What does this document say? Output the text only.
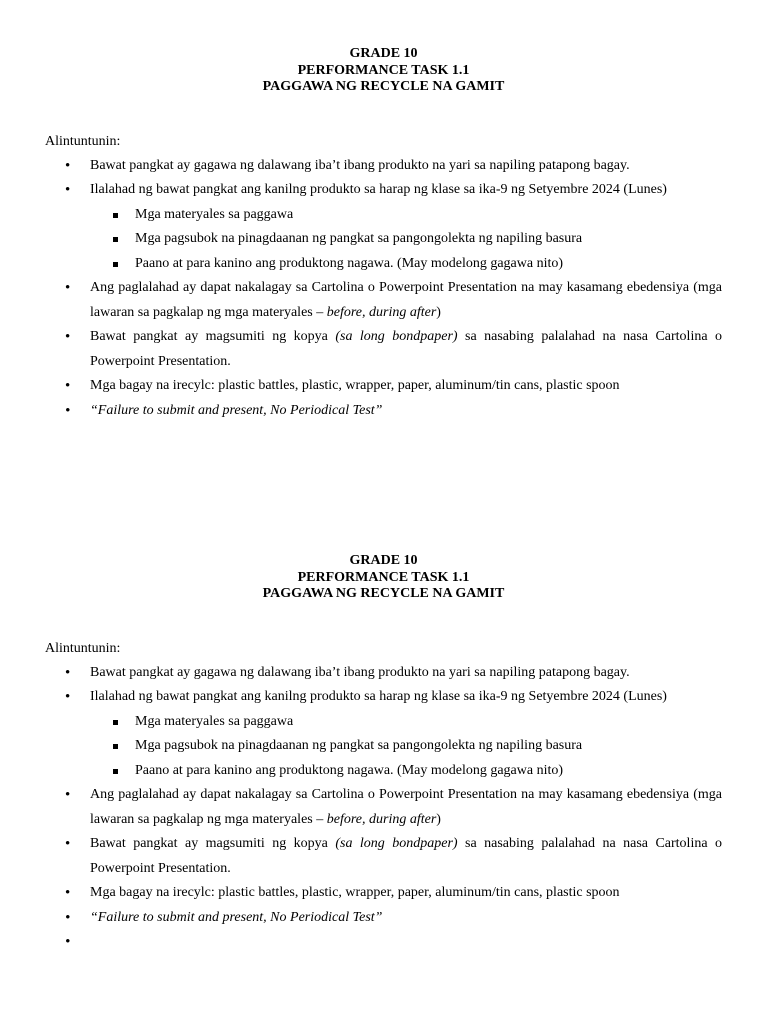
GRADE 10
PERFORMANCE TASK 1.1
PAGGAWA NG RECYCLE NA GAMIT
Alintuntunin:
• Bawat pangkat ay gagawa ng dalawang iba’t ibang produkto na yari sa napiling patapong bagay.
• Ilalahad ng bawat pangkat ang kanilng produkto sa harap ng klase sa ika-9 ng Setyembre 2024 (Lunes)
Mga materyales sa paggawa
Mga pagsubok na pinagdaanan ng pangkat sa pangongolekta ng napiling basura
Paano at para kanino ang produktong nagawa. (May modelong gagawa nito)
• Ang paglalahad ay dapat nakalagay sa Cartolina o Powerpoint Presentation na may kasamang ebedensiya (mga lawaran sa pagkalap ng mga materyales – before, during after)
• Bawat pangkat ay magsumiti ng kopya (sa long bondpaper) sa nasabing palalahad na nasa Cartolina o Powerpoint Presentation.
• Mga bagay na irecylc: plastic battles, plastic, wrapper, paper, aluminum/tin cans, plastic spoon
• “Failure to submit and present, No Periodical Test”
GRADE 10
PERFORMANCE TASK 1.1
PAGGAWA NG RECYCLE NA GAMIT
Alintuntunin:
• Bawat pangkat ay gagawa ng dalawang iba’t ibang produkto na yari sa napiling patapong bagay.
• Ilalahad ng bawat pangkat ang kanilng produkto sa harap ng klase sa ika-9 ng Setyembre 2024 (Lunes)
Mga materyales sa paggawa
Mga pagsubok na pinagdaanan ng pangkat sa pangongolekta ng napiling basura
Paano at para kanino ang produktong nagawa. (May modelong gagawa nito)
• Ang paglalahad ay dapat nakalagay sa Cartolina o Powerpoint Presentation na may kasamang ebedensiya (mga lawaran sa pagkalap ng mga materyales – before, during after)
• Bawat pangkat ay magsumiti ng kopya (sa long bondpaper) sa nasabing palalahad na nasa Cartolina o Powerpoint Presentation.
• Mga bagay na irecylc: plastic battles, plastic, wrapper, paper, aluminum/tin cans, plastic spoon
• “Failure to submit and present, No Periodical Test”
•
